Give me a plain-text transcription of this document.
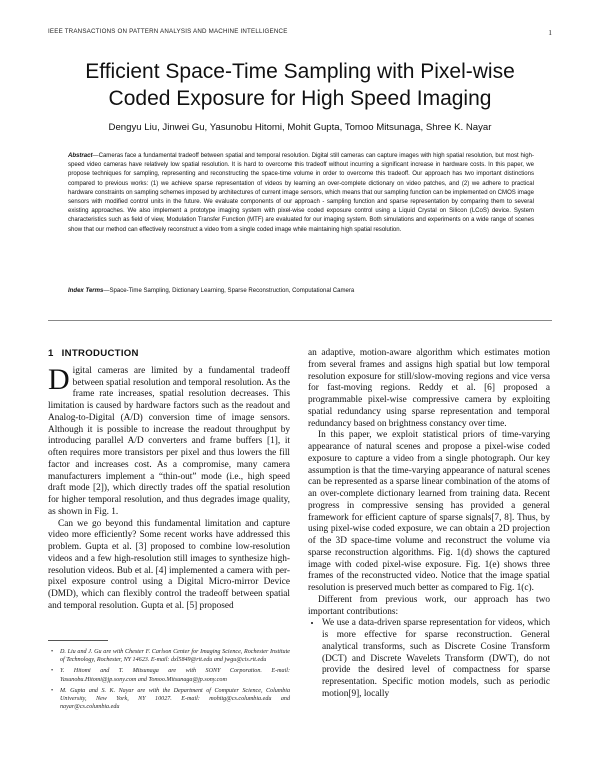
IEEE TRANSACTIONS ON PATTERN ANALYSIS AND MACHINE INTELLIGENCE	1
Efficient Space-Time Sampling with Pixel-wise
Coded Exposure for High Speed Imaging
Dengyu Liu, Jinwei Gu, Yasunobu Hitomi, Mohit Gupta, Tomoo Mitsunaga, Shree K. Nayar
Abstract—Cameras face a fundamental tradeoff between spatial and temporal resolution. Digital still cameras can capture images with high spatial resolution, but most high-speed video cameras have relatively low spatial resolution. It is hard to overcome this tradeoff without incurring a significant increase in hardware costs. In this paper, we propose techniques for sampling, representing and reconstructing the space-time volume in order to overcome this tradeoff. Our approach has two important distinctions compared to previous works: (1) we achieve sparse representation of videos by learning an over-complete dictionary on video patches, and (2) we adhere to practical hardware constraints on sampling schemes imposed by architectures of current image sensors, which means that our sampling function can be implemented on CMOS image sensors with modified control units in the future. We evaluate components of our approach - sampling function and sparse representation by comparing them to several existing approaches. We also implement a prototype imaging system with pixel-wise coded exposure control using a Liquid Crystal on Silicon (LCoS) device. System characteristics such as field of view, Modulation Transfer Function (MTF) are evaluated for our imaging system. Both simulations and experiments on a wide range of scenes show that our method can effectively reconstruct a video from a single coded image while maintaining high spatial resolution.
Index Terms—Space-Time Sampling, Dictionary Learning, Sparse Reconstruction, Computational Camera
1 INTRODUCTION

Digital cameras are limited by a fundamental tradeoff between spatial resolution and temporal resolution. As the frame rate increases, spatial resolution decreases. This limitation is caused by hardware factors such as the readout and Analog-to-Digital (A/D) conversion time of image sensors. Although it is possible to increase the readout throughput by introducing parallel A/D converters and frame buffers [1], it often requires more transistors per pixel and thus lowers the fill factor and increases cost. As a compromise, many camera manufacturers implement a “thin-out” mode (i.e., high speed draft mode [2]), which directly trades off the spatial resolution for higher temporal resolution, and thus degrades image quality, as shown in Fig. 1.

Can we go beyond this fundamental limitation and capture video more efficiently? Some recent works have addressed this problem. Gupta et al. [3] proposed to combine low-resolution videos and a few high-resolution still images to synthesize high-resolution videos. Bub et al. [4] implemented a camera with per-pixel exposure control using a Digital Micro-mirror Device (DMD), which can flexibly control the tradeoff between spatial and temporal resolution. Gupta et al. [5] proposed

an adaptive, motion-aware algorithm which estimates motion from several frames and assigns high spatial but low temporal resolution exposure for still/slow-moving regions and vice versa for fast-moving regions. Reddy et al. [6] proposed a programmable pixel-wise compressive camera by exploiting spatial redundancy using sparse representation and temporal redundancy based on brightness constancy over time.

In this paper, we exploit statistical priors of time-varying appearance of natural scenes and propose a pixel-wise coded exposure to capture a video from a single photograph. Our key assumption is that the time-varying appearance of natural scenes can be represented as a sparse linear combination of the atoms of an over-complete dictionary learned from training data. Recent progress in compressive sensing has provided a general framework for efficient capture of sparse signals[7, 8]. Thus, by using pixel-wise coded exposure, we can obtain a 2D projection of the 3D space-time volume and reconstruct the volume via sparse reconstruction algorithms. Fig. 1(d) shows the captured image with coded pixel-wise exposure. Fig. 1(e) shows three frames of the reconstructed video. Notice that the image spatial resolution is preserved much better as compared to Fig. 1(c).

Different from previous work, our approach has two important contributions:

• We use a data-driven sparse representation for videos, which is more effective for sparse reconstruction. General analytical transforms, such as Discrete Cosine Transform (DCT) and Discrete Wavelets Transform (DWT), do not provide the desired level of compactness for sparse representation. Specific motion models, such as periodic motion[9], locally
• D. Liu and J. Gu are with Chester F. Carlson Center for Imaging Science, Rochester Institute of Technology, Rochester, NY 14623. E-mail: dxl5849@rit.edu and jwgu@cis.rit.edu
• Y. Hitomi and T. Mitsunaga are with SONY Corporation. E-mail: Yasunobu.Hitomi@jp.sony.com and Tomoo.Mitsunaga@jp.sony.com
• M. Gupta and S. K. Nayar are with the Department of Computer Science, Columbia University, New York, NY 10027. E-mail: mohitg@cs.columbia.edu and nayar@cs.columbia.edu
